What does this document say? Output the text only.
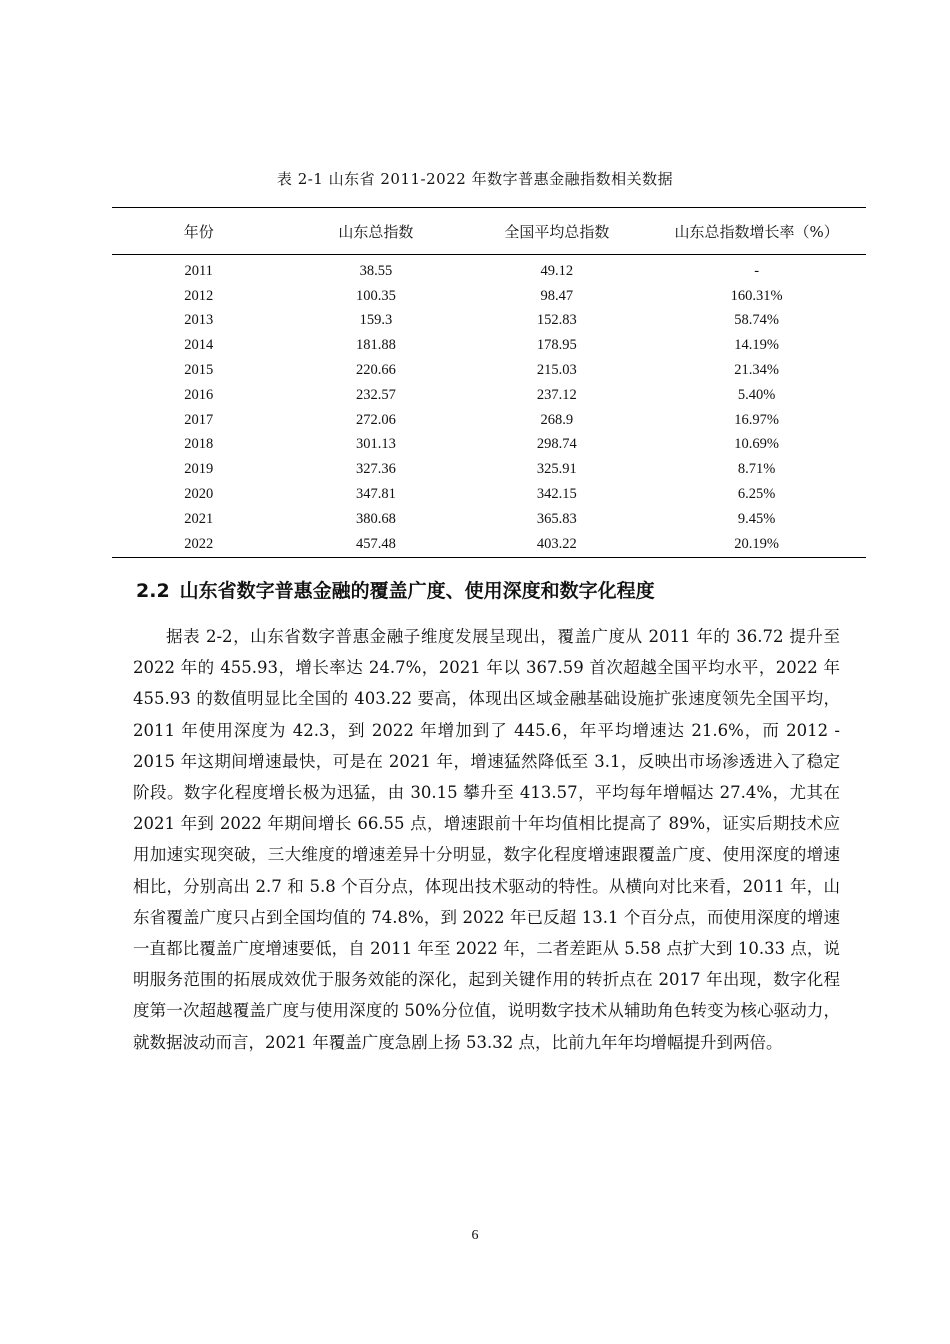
表 2-1 山东省 2011-2022 年数字普惠金融指数相关数据
年份	山东总指数	全国平均总指数	山东总指数增长率（%）
2011	38.55	49.12	-
2012	100.35	98.47	160.31%
2013	159.3	152.83	58.74%
2014	181.88	178.95	14.19%
2015	220.66	215.03	21.34%
2016	232.57	237.12	5.40%
2017	272.06	268.9	16.97%
2018	301.13	298.74	10.69%
2019	327.36	325.91	8.71%
2020	347.81	342.15	6.25%
2021	380.68	365.83	9.45%
2022	457.48	403.22	20.19%
2.2 山东省数字普惠金融的覆盖广度、使用深度和数字化程度

据表 2-2，山东省数字普惠金融子维度发展呈现出，覆盖广度从 2011 年的 36.72 提升至 2022 年的 455.93，增长率达 24.7%，2021 年以 367.59 首次超越全国平均水平，2022 年 455.93 的数值明显比全国的 403.22 要高，体现出区域金融基础设施扩张速度领先全国平均，2011 年使用深度为 42.3，到 2022 年增加到了 445.6，年平均增速达 21.6%，而 2012 - 2015 年这期间增速最快，可是在 2021 年，增速猛然降低至 3.1，反映出市场渗透进入了稳定阶段。数字化程度增长极为迅猛，由 30.15 攀升至 413.57，平均每年增幅达 27.4%，尤其在 2021 年到 2022 年期间增长 66.55 点，增速跟前十年均值相比提高了 89%，证实后期技术应用加速实现突破，三大维度的增速差异十分明显，数字化程度增速跟覆盖广度、使用深度的增速相比，分别高出 2.7 和 5.8 个百分点，体现出技术驱动的特性。从横向对比来看，2011 年，山东省覆盖广度只占到全国均值的 74.8%，到 2022 年已反超 13.1 个百分点，而使用深度的增速一直都比覆盖广度增速要低，自 2011 年至 2022 年，二者差距从 5.58 点扩大到 10.33 点，说明服务范围的拓展成效优于服务效能的深化，起到关键作用的转折点在 2017 年出现，数字化程度第一次超越覆盖广度与使用深度的 50%分位值，说明数字技术从辅助角色转变为核心驱动力，就数据波动而言，2021 年覆盖广度急剧上扬 53.32 点，比前九年年均增幅提升到两倍。

6
